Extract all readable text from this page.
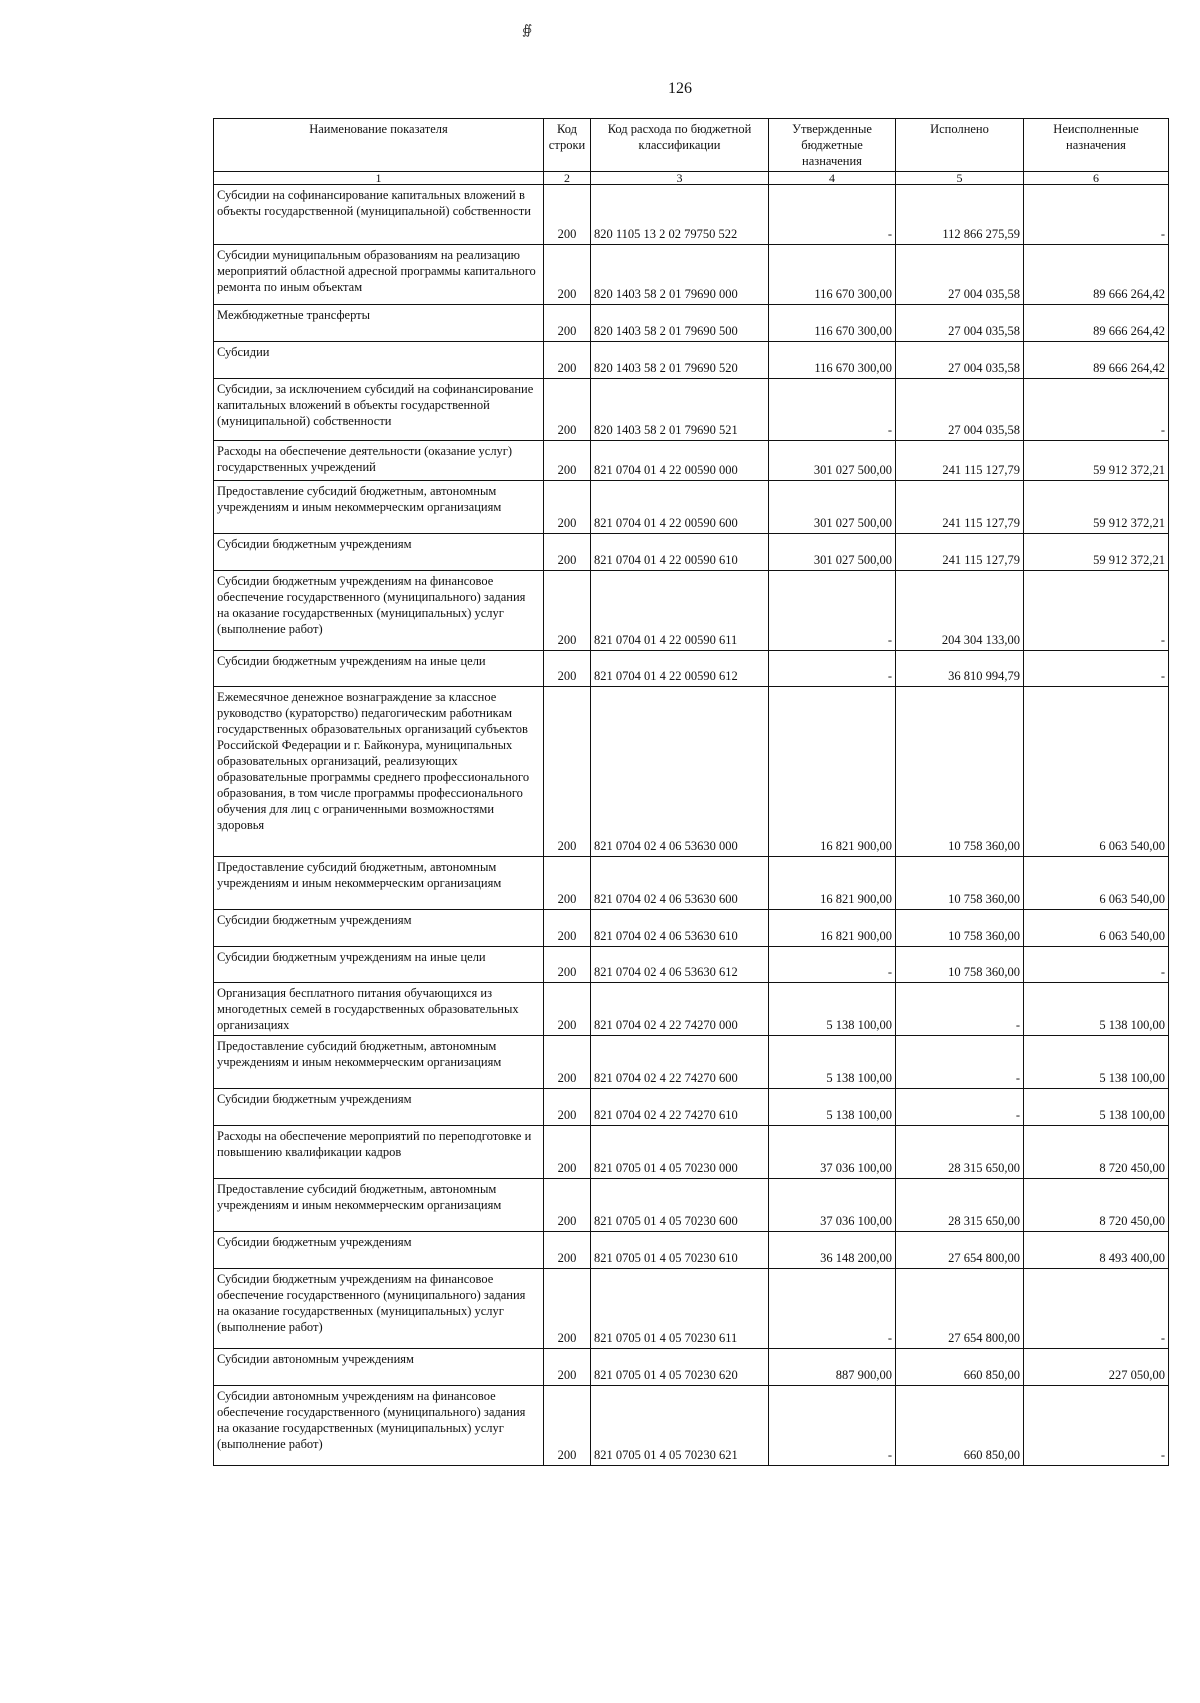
∯
126
Наименование показателя	Код строки	Код расхода по бюджетной классификации	Утвержденные бюджетные назначения	Исполнено	Неисполненные назначения
1	2	3	4	5	6
Субсидии на софинансирование капитальных вложений в объекты государственной (муниципальной) собственности	200	820 1105 13 2 02 79750 522	-	112 866 275,59	-
Субсидии муниципальным образованиям на реализацию мероприятий областной адресной программы капитального ремонта по иным объектам	200	820 1403 58 2 01 79690 000	116 670 300,00	27 004 035,58	89 666 264,42
Межбюджетные трансферты	200	820 1403 58 2 01 79690 500	116 670 300,00	27 004 035,58	89 666 264,42
Субсидии	200	820 1403 58 2 01 79690 520	116 670 300,00	27 004 035,58	89 666 264,42
Субсидии, за исключением субсидий на софинансирование капитальных вложений в объекты государственной (муниципальной) собственности	200	820 1403 58 2 01 79690 521	-	27 004 035,58	-
Расходы на обеспечение деятельности (оказание услуг) государственных учреждений	200	821 0704 01 4 22 00590 000	301 027 500,00	241 115 127,79	59 912 372,21
Предоставление субсидий бюджетным, автономным учреждениям и иным некоммерческим организациям	200	821 0704 01 4 22 00590 600	301 027 500,00	241 115 127,79	59 912 372,21
Субсидии бюджетным учреждениям	200	821 0704 01 4 22 00590 610	301 027 500,00	241 115 127,79	59 912 372,21
Субсидии бюджетным учреждениям на финансовое обеспечение государственного (муниципального) задания на оказание государственных (муниципальных) услуг (выполнение работ)	200	821 0704 01 4 22 00590 611	-	204 304 133,00	-
Субсидии бюджетным учреждениям на иные цели	200	821 0704 01 4 22 00590 612	-	36 810 994,79	-
Ежемесячное денежное вознаграждение за классное руководство (кураторство) педагогическим работникам государственных образовательных организаций субъектов Российской Федерации и г. Байконура, муниципальных образовательных организаций, реализующих образовательные программы среднего профессионального образования, в том числе программы профессионального обучения для лиц с ограниченными возможностями здоровья	200	821 0704 02 4 06 53630 000	16 821 900,00	10 758 360,00	6 063 540,00
Предоставление субсидий бюджетным, автономным учреждениям и иным некоммерческим организациям	200	821 0704 02 4 06 53630 600	16 821 900,00	10 758 360,00	6 063 540,00
Субсидии бюджетным учреждениям	200	821 0704 02 4 06 53630 610	16 821 900,00	10 758 360,00	6 063 540,00
Субсидии бюджетным учреждениям на иные цели	200	821 0704 02 4 06 53630 612	-	10 758 360,00	-
Организация бесплатного питания обучающихся из многодетных семей в государственных образовательных организациях	200	821 0704 02 4 22 74270 000	5 138 100,00	-	5 138 100,00
Предоставление субсидий бюджетным, автономным учреждениям и иным некоммерческим организациям	200	821 0704 02 4 22 74270 600	5 138 100,00	-	5 138 100,00
Субсидии бюджетным учреждениям	200	821 0704 02 4 22 74270 610	5 138 100,00	-	5 138 100,00
Расходы на обеспечение мероприятий по переподготовке и повышению квалификации кадров	200	821 0705 01 4 05 70230 000	37 036 100,00	28 315 650,00	8 720 450,00
Предоставление субсидий бюджетным, автономным учреждениям и иным некоммерческим организациям	200	821 0705 01 4 05 70230 600	37 036 100,00	28 315 650,00	8 720 450,00
Субсидии бюджетным учреждениям	200	821 0705 01 4 05 70230 610	36 148 200,00	27 654 800,00	8 493 400,00
Субсидии бюджетным учреждениям на финансовое обеспечение государственного (муниципального) задания на оказание государственных (муниципальных) услуг (выполнение работ)	200	821 0705 01 4 05 70230 611	-	27 654 800,00	-
Субсидии автономным учреждениям	200	821 0705 01 4 05 70230 620	887 900,00	660 850,00	227 050,00
Субсидии автономным учреждениям на финансовое обеспечение государственного (муниципального) задания на оказание государственных (муниципальных) услуг (выполнение работ)	200	821 0705 01 4 05 70230 621	-	660 850,00	-
